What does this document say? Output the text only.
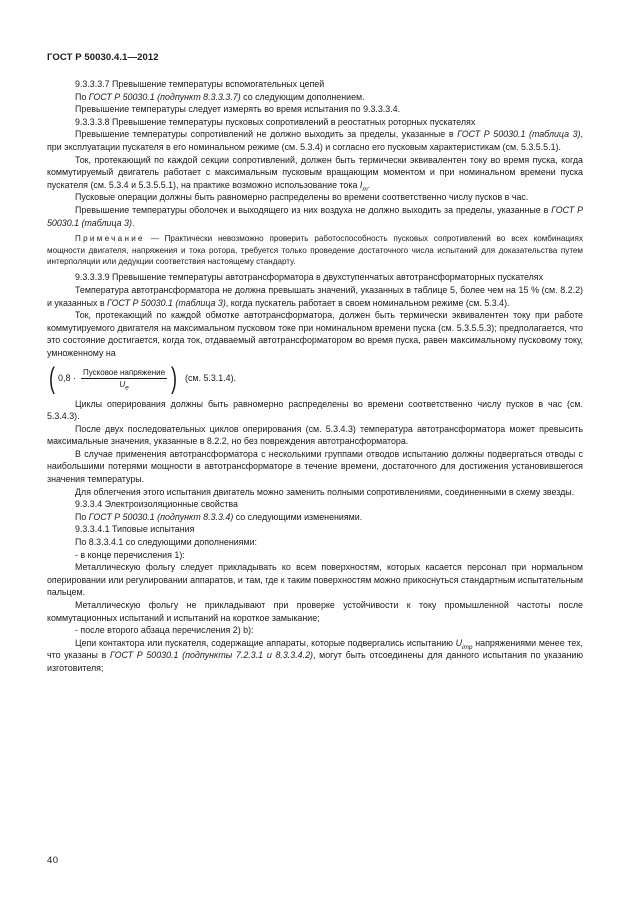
ГОСТ Р 50030.4.1—2012

9.3.3.3.7 Превышение температуры вспомогательных цепей

По ГОСТ Р 50030.1 (подпункт 8.3.3.3.7) со следующим дополнением.

Превышение температуры следует измерять во время испытания по 9.3.3.3.4.

9.3.3.3.8 Превышение температуры пусковых сопротивлений в реостатных роторных пускателях

Превышение температуры сопротивлений не должно выходить за пределы, указанные в ГОСТ Р 50030.1 (таблица 3), при эксплуатации пускателя в его номинальном режиме (см. 5.3.4) и согласно его пусковым характеристикам (см. 5.3.5.5.1).

Ток, протекающий по каждой секции сопротивлений, должен быть термически эквивалентен току во время пуска, когда коммутируемый двигатель работает с максимальным пусковым вращающим моментом и при номинальном времени пуска пускателя (см. 5.3.4 и 5.3.5.5.1), на практике возможно использование тока $I_m$.

Пусковые операции должны быть равномерно распределены во времени соответственно числу пусков в час.

Превышение температуры оболочек и выходящего из них воздуха не должно выходить за пределы, указанные в ГОСТ Р 50030.1 (таблица 3).

Примечание — Практически невозможно проверить работоспособность пусковых сопротивлений во всех комбинациях мощности двигателя, напряжения и тока ротора, требуется только проведение достаточного числа испытаний для доказательства путем интерполяции или дедукции соответствия настоящему стандарту.

9.3.3.3.9 Превышение температуры автотрансформатора в двухступенчатых автотрансформаторных пускателях

Температура автотрансформатора не должна превышать значений, указанных в таблице 5, более чем на 15 % (см. 8.2.2) и указанных в ГОСТ Р 50030.1 (таблица 3), когда пускатель работает в своем номинальном режиме (см. 5.3.4).

Ток, протекающий по каждой обмотке автотрансформатора, должен быть термически эквивалентен току при работе коммутируемого двигателя на максимальном пусковом токе при номинальном времени пуска (см. 5.3.5.5.3); предполагается, что это состояние достигается, когда ток, отдаваемый автотрансформатором во время пуска, равен максимальному пусковому току, умноженному на

( $0,8 \cdot \frac{\text{Пусковое напряжение}}{U_e}$ ) (см. 5.3.1.4).

Циклы оперирования должны быть равномерно распределены во времени соответственно числу пусков в час (см. 5.3.4.3).

После двух последовательных циклов оперирования (см. 5.3.4.3) температура автотрансформатора может превысить максимальные значения, указанные в 8.2.2, но без повреждения автотрансформатора.

В случае применения автотрансформатора с несколькими группами отводов испытанию должны подвергаться отводы с наибольшими потерями мощности в автотрансформаторе в течение времени, достаточного для достижения установившегося значения температуры.

Для облегчения этого испытания двигатель можно заменить полными сопротивлениями, соединенными в схему звезды.

9.3.3.4 Электроизоляционные свойства

По ГОСТ Р 50030.1 (подпункт 8.3.3.4) со следующими изменениями.

9.3.3.4.1 Типовые испытания

По 8.3.3.4.1 со следующими дополнениями:

- в конце перечисления 1):

Металлическую фольгу следует прикладывать ко всем поверхностям, которых касается персонал при нормальном оперировании или регулировании аппаратов, и там, где к таким поверхностям можно прикоснуться стандартным испытательным пальцем.

Металлическую фольгу не прикладывают при проверке устойчивости к току промышленной частоты после коммутационных испытаний и испытаний на короткое замыкание;

- после второго абзаца перечисления 2) b):

Цепи контактора или пускателя, содержащие аппараты, которые подвергались испытанию $U_{imp}$ напряжениями менее тех, что указаны в ГОСТ Р 50030.1 (подпункты 7.2.3.1 и 8.3.3.4.2), могут быть отсоединены для данного испытания по указанию изготовителя;

40
